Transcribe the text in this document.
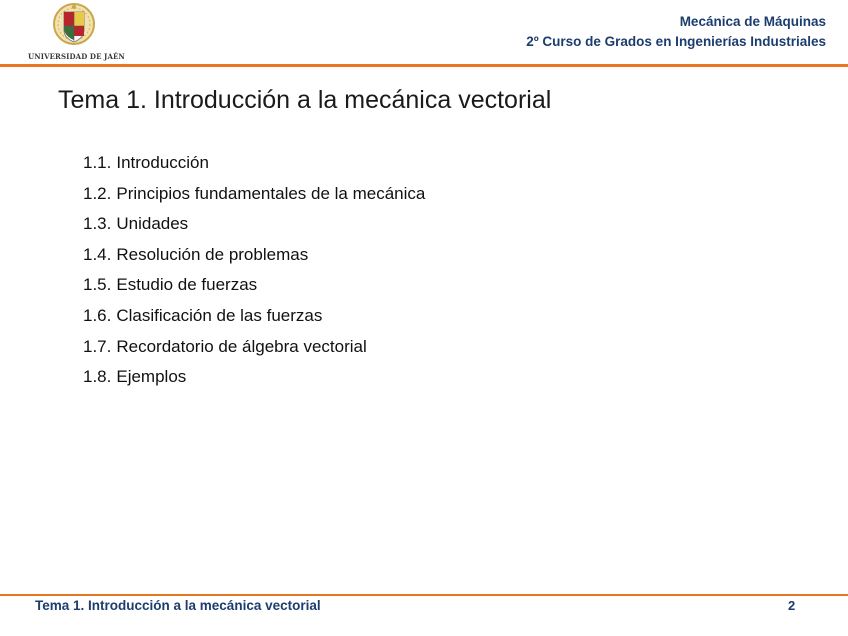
UNIVERSIDAD DE JAÉN
Mecánica de Máquinas
2º Curso de Grados en Ingenierías Industriales
Tema 1. Introducción a la mecánica vectorial
1.1. Introducción
1.2. Principios fundamentales de la mecánica
1.3. Unidades
1.4. Resolución de problemas
1.5. Estudio de fuerzas
1.6. Clasificación de las fuerzas
1.7. Recordatorio de álgebra vectorial
1.8. Ejemplos
Tema 1. Introducción a la mecánica vectorial	2
